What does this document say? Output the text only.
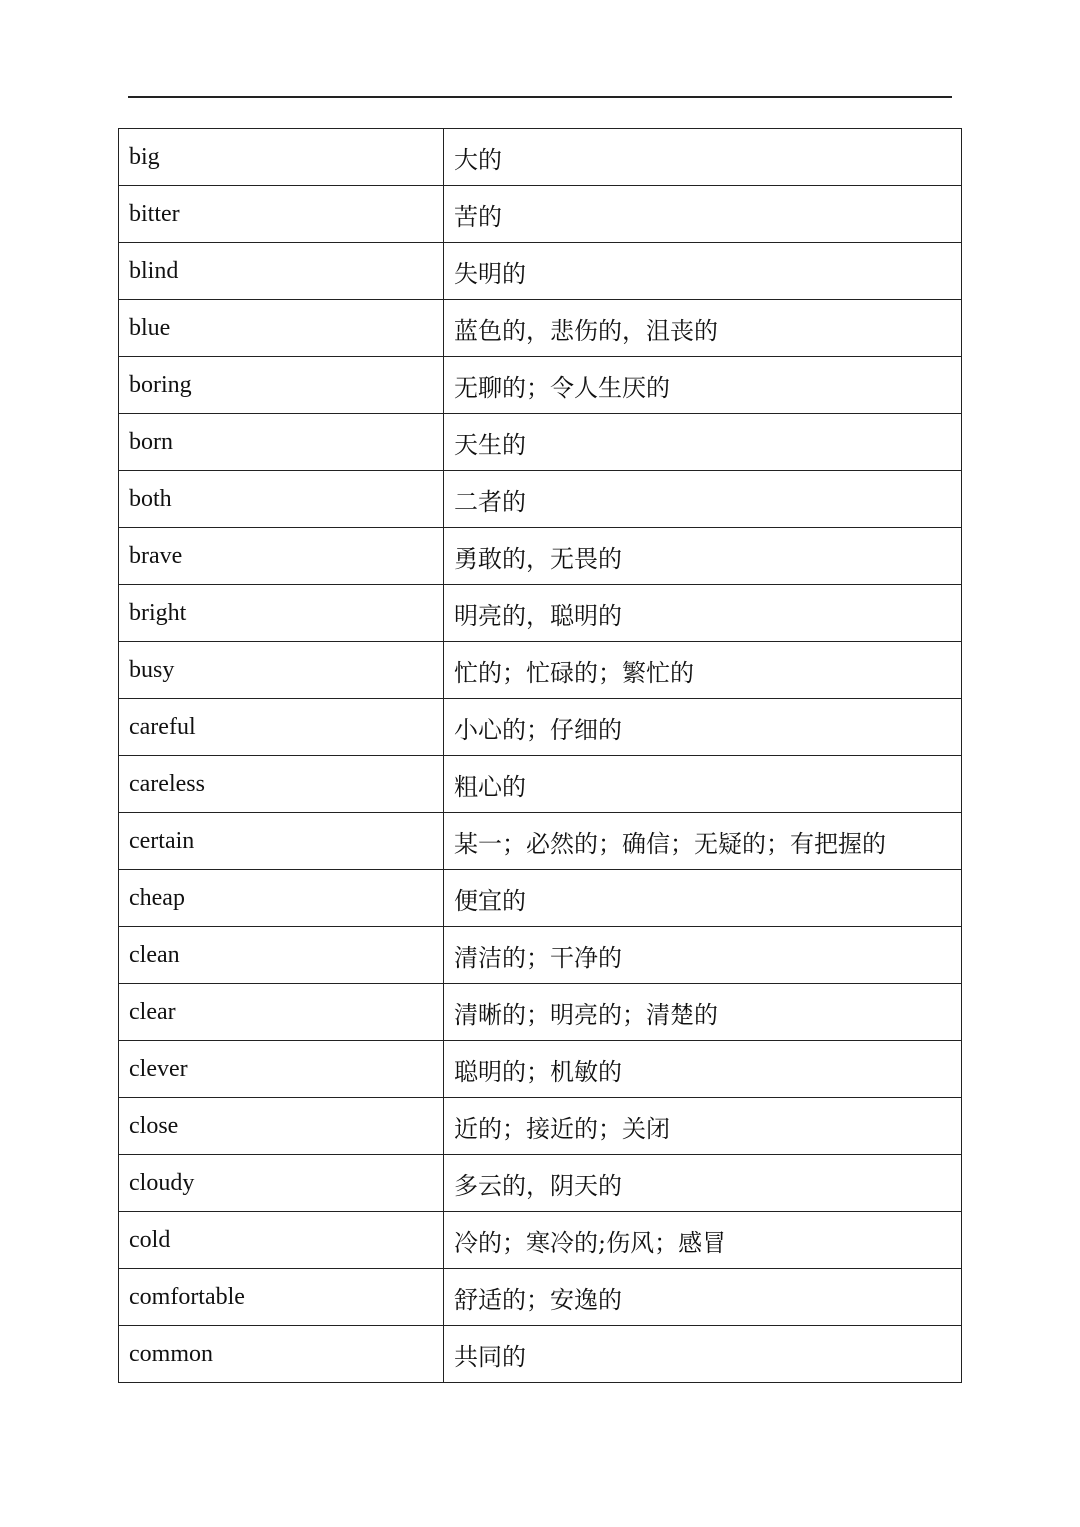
big	大的
bitter	苦的
blind	失明的
blue	蓝色的，悲伤的，沮丧的
boring	无聊的；令人生厌的
born	天生的
both	二者的
brave	勇敢的，无畏的
bright	明亮的，聪明的
busy	忙的；忙碌的；繁忙的
careful	小心的；仔细的
careless	粗心的
certain	某一；必然的；确信；无疑的；有把握的
cheap	便宜的
clean	清洁的；干净的
clear	清晰的；明亮的；清楚的
clever	聪明的；机敏的
close	近的；接近的；关闭
cloudy	多云的，阴天的
cold	冷的；寒冷的;伤风；感冒
comfortable	舒适的；安逸的
common	共同的
